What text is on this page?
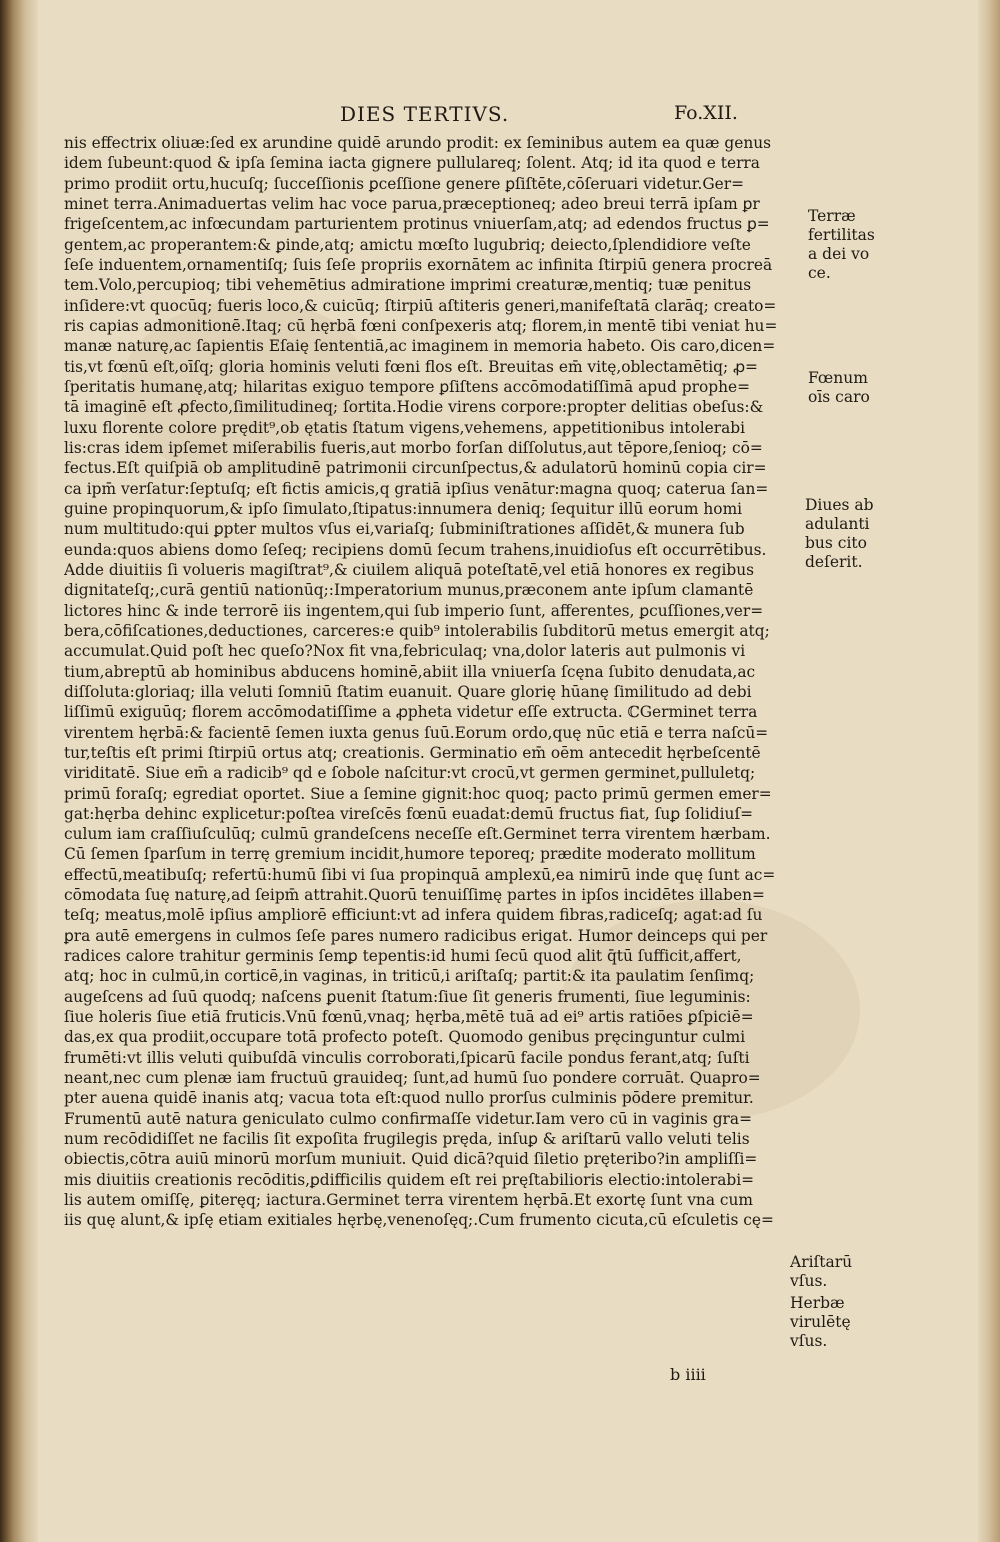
DIES TERTIVS.	Fo.XII.
nis effectrix oliuæ:ſed ex arundine quidē arundo prodit: ex ſeminibus autem ea quæ genus
idem ſubeunt:quod & ipſa ſemina iacta gignere pullulareq; ſolent. Atq; id ita quod e terra
primo prodiit ortu,hucuſq; ſucceſſionis ꝑceſſione genere ꝑſiſtēte,cōſeruari videtur.Ger=
minet terra.Animaduertas velim hac voce parua,præceptioneq; adeo breui terrā ipſam ꝑr
frigeſcentem,ac infœcundam parturientem protinus vniuerſam,atq; ad edendos fructus ꝑ=
gentem,ac properantem:& ꝑinde,atq; amictu mœſto lugubriq; deiecto,ſplendidiore veſte
ſeſe induentem,ornamentiſq; ſuis ſeſe propriis exornātem ac infinita ſtirpiū genera procreā
tem.Volo,percupioq; tibi vehemētius admiratione imprimi creaturæ,mentiq; tuæ penitus
inſidere:vt quocūq; fueris loco,& cuicūq; ſtirpiū aſtiteris generi,manifeſtatā clarāq; creato=
ris capias admonitionē.Itaq; cū hęrbā fœni conſpexeris atq; florem,in mentē tibi veniat hu=
manæ naturę,ac ſapientis Eſaię ſententiā,ac imaginem in memoria habeto. Ois caro,dicen=
tis,vt fœnū eſt,oīſq; gloria hominis veluti fœni flos eſt. Breuitas em̄ vitę,oblectamētiq; ꝓ=
ſperitatis humanę,atq; hilaritas exiguo tempore ꝑſiſtens accōmodatiſſimā apud prophe=
tā imaginē eſt ꝓfecto,ſimilitudineq; ſortita.Hodie virens corpore:propter delitias obeſus:&
luxu florente colore prędit⁹,ob ętatis ſtatum vigens,vehemens, appetitionibus intolerabi
lis:cras idem ipſemet miſerabilis fueris,aut morbo forſan diſſolutus,aut tēpore,ſenioq; cō=
fectus.Eſt quiſpiā ob amplitudinē patrimonii circunſpectus,& adulatorū hominū copia cir=
ca ipm̄ verſatur:ſeptuſq; eſt fictis amicis,q gratiā ipſius venātur:magna quoq; caterua ſan=
guine propinquorum,& ipſo ſimulato,ſtipatus:innumera deniq; ſequitur illū eorum homi
num multitudo:qui ꝑpter multos vſus ei,variaſq; ſubminiſtrationes aſſidēt,& munera ſub
eunda:quos abiens domo ſeſeq; recipiens domū ſecum trahens,inuidioſus eſt occurrētibus.
Adde diuitiis ſi volueris magiſtrat⁹,& ciuilem aliquā poteſtatē,vel etiā honores ex regibus
dignitateſq;,curā gentiū nationūq;:Imperatorium munus,præconem ante ipſum clamantē
lictores hinc & inde terrorē iis ingentem,qui ſub imperio ſunt, afferentes, ꝑcuſſiones,ver=
bera,cōfiſcationes,deductiones, carceres:e quib⁹ intolerabilis ſubditorū metus emergit atq;
accumulat.Quid poſt hec queſo?Nox fit vna,febriculaq; vna,dolor lateris aut pulmonis vi
tium,abreptū ab hominibus abducens hominē,abiit illa vniuerſa ſcęna ſubito denudata,ac
diſſoluta:gloriaq; illa veluti ſomniū ſtatim euanuit. Quare glorię hūanę ſimilitudo ad debi
liſſimū exiguūq; florem accōmodatiſſime a ꝓpheta videtur eſſe extructa. ℂGerminet terra
virentem hęrbā:& facientē ſemen iuxta genus ſuū.Eorum ordo,quę nūc etiā e terra naſcū=
tur,teſtis eſt primi ſtirpiū ortus atq; creationis. Germinatio em̄ oēm antecedit hęrbeſcentē
viriditatē. Siue em̄ a radicib⁹ qd e ſobole naſcitur:vt crocū,vt germen germinet,pulluletq;
primū foraſq; egrediat oportet. Siue a ſemine gignit:hoc quoq; pacto primū germen emer=
gat:hęrba dehinc explicetur:poſtea vireſcēs fœnū euadat:demū fructus fiat, ſuꝑ ſolidiuſ=
culum iam craſſiuſculūq; culmū grandeſcens neceſſe eſt.Germinet terra virentem hærbam.
Cū ſemen ſparſum in terrę gremium incidit,humore teporeq; prædite moderato mollitum
effectū,meatibuſq; refertū:humū ſibi vi ſua propinquā amplexū,ea nimirū inde quę ſunt ac=
cōmodata ſuę naturę,ad ſeipm̄ attrahit.Quorū tenuiſſimę partes in ipſos incidētes illaben=
teſq; meatus,molē ipſius ampliorē efficiunt:vt ad infera quidem fibras,radiceſq; agat:ad ſu
ꝑra autē emergens in culmos ſeſe pares numero radicibus erigat. Humor deinceps qui per
radices calore trahitur germinis ſemꝑ tepentis:id humi ſecū quod alit q̄tū ſufficit,affert,
atq; hoc in culmū,in corticē,in vaginas, in triticū,i ariſtaſq; partit:& ita paulatim ſenſimq;
augeſcens ad ſuū quodq; naſcens ꝑuenit ſtatum:ſiue ſit generis frumenti, ſiue leguminis:
ſiue holeris ſiue etiā fruticis.Vnū fœnū,vnaq; hęrba,mētē tuā ad ei⁹ artis ratiōes ꝑſpiciē=
das,ex qua prodiit,occupare totā profecto poteſt. Quomodo genibus pręcinguntur culmi
frumēti:vt illis veluti quibuſdā vinculis corroborati,ſpicarū facile pondus ferant,atq; ſuſti
neant,nec cum plenæ iam fructuū grauideq; ſunt,ad humū ſuo pondere corruāt. Quapro=
pter auena quidē inanis atq; vacua tota eſt:quod nullo prorſus culminis pōdere premitur.
Frumentū autē natura geniculato culmo confirmaſſe videtur.Iam vero cū in vaginis gra=
num recōdidiſſet ne facilis ſit expoſita frugilegis pręda, inſuꝑ & ariſtarū vallo veluti telis
obiectis,cōtra auiū minorū morſum muniuit. Quid dicā?quid ſiletio pręteribo?in ampliſſi=
mis diuitiis creationis recōditis,ꝑdifficilis quidem eſt rei pręſtabilioris electio:intolerabi=
lis autem omiſſę, ꝑiteręq; iactura.Germinet terra virentem hęrbā.Et exortę ſunt vna cum
iis quę alunt,& ipſę etiam exitiales hęrbę,venenoſęq;.Cum frumento cicuta,cū eſculetis cę=
Terræ
fertilitas
a dei vo
ce.
Fœnum
oīs caro
Diues ab
adulanti
bus cito
deſerit.
Ariſtarū
vſus.
Herbæ
virulētę
vſus.
b iiii
